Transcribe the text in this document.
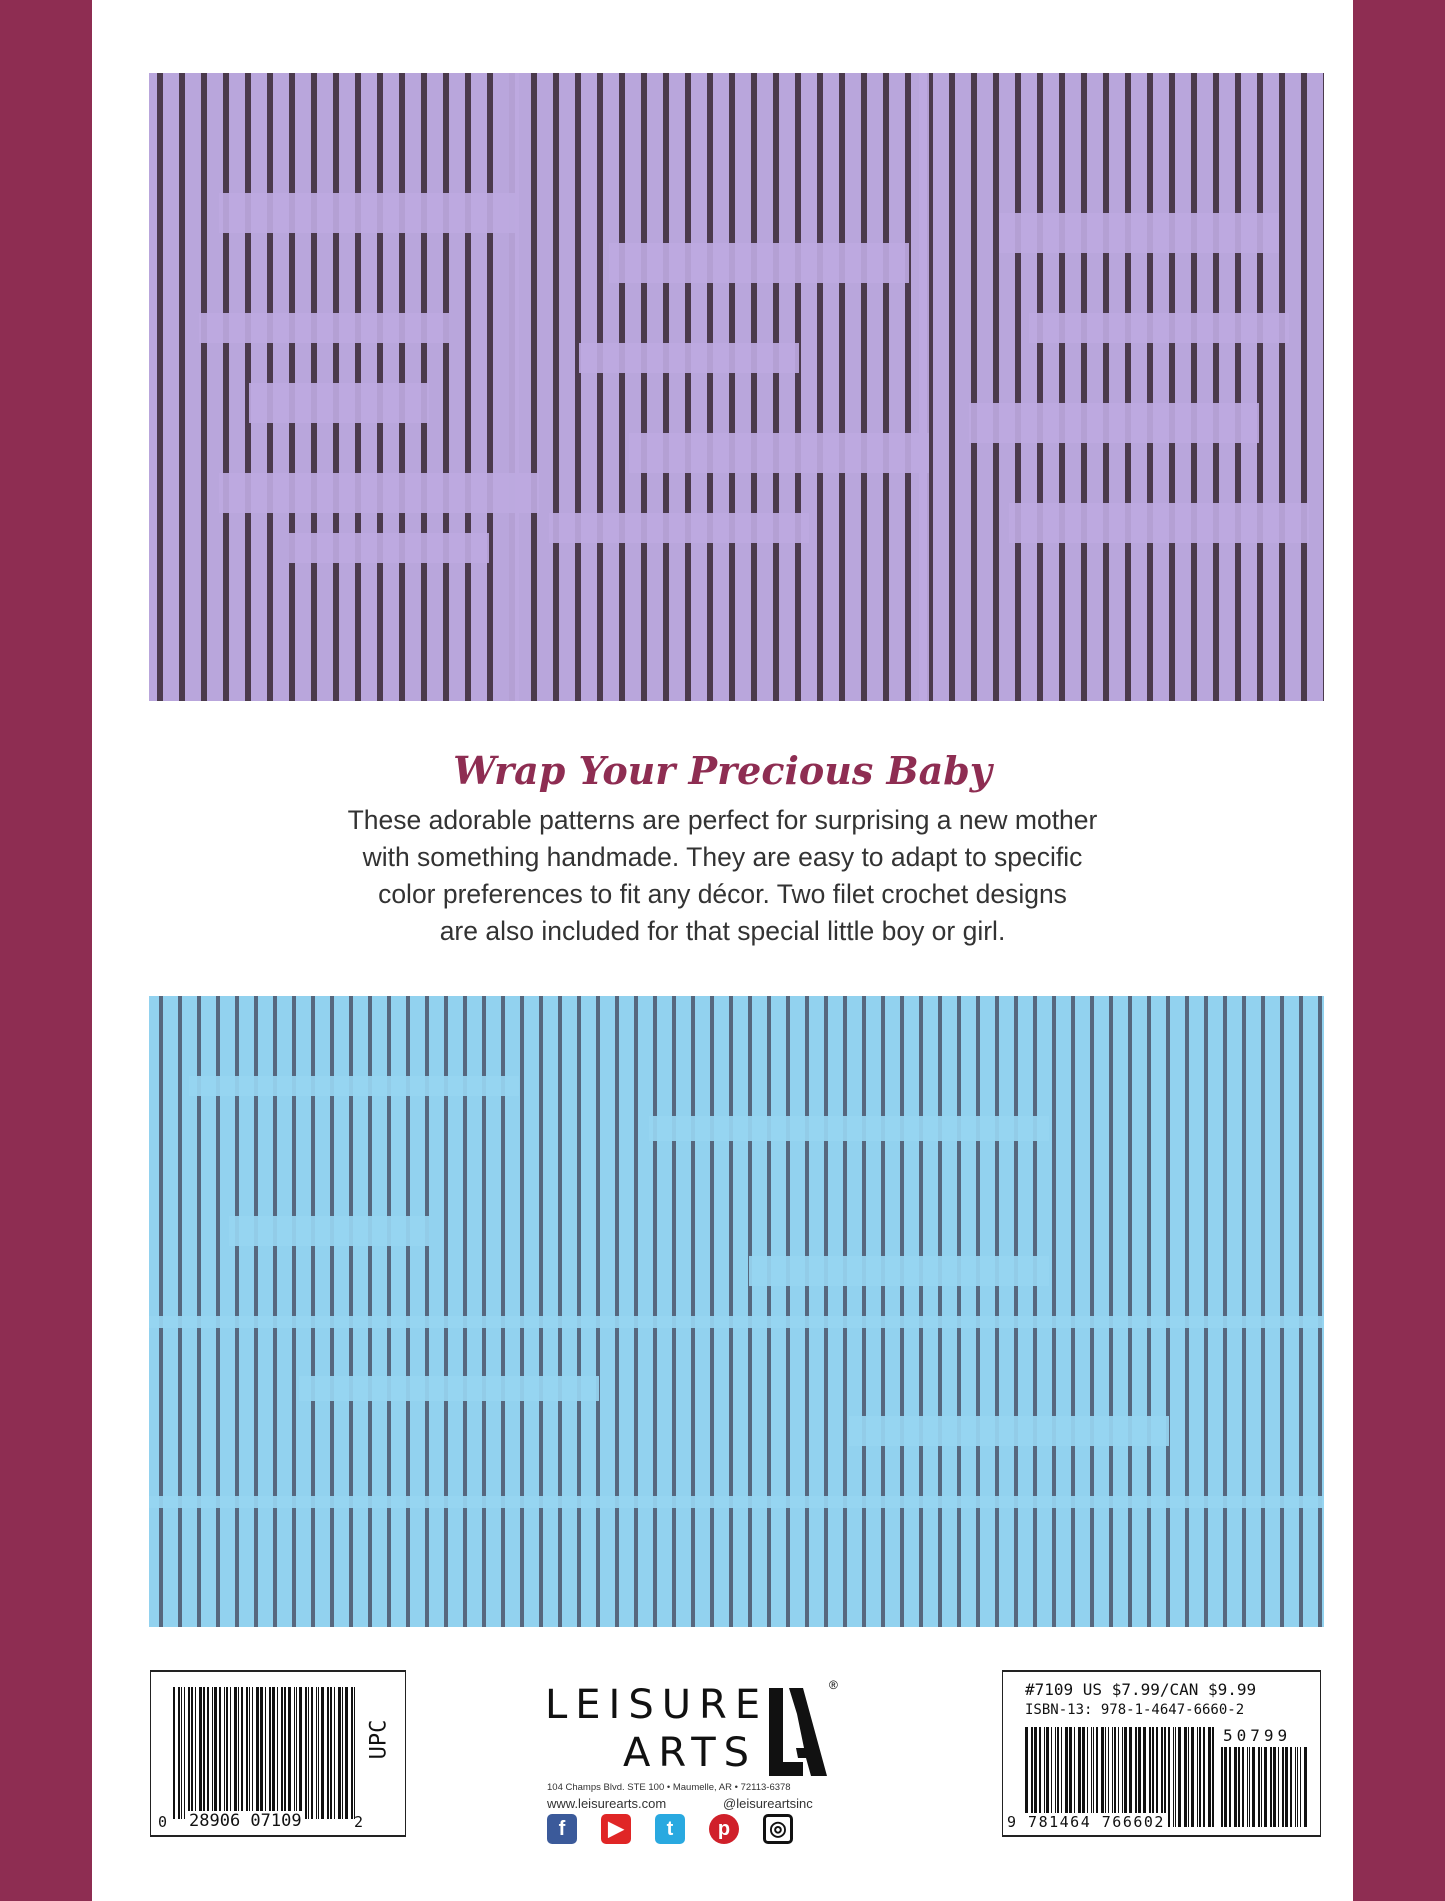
Wrap Your Precious Baby
These adorable patterns are perfect for surprising a new mother
with something handmade. They are easy to adapt to specific
color preferences to fit any décor. Two filet crochet designs
are also included for that special little boy or girl.
UPC
0 28906 07109	2
LEISURE
ARTS
®
104 Champs Blvd. STE 100 • Maumelle, AR • 72113-6378
www.leisurearts.com	@leisureartsinc
f	▶	t	p	◎
#7109 US $7.99/CAN $9.99
ISBN-13: 978-1-4647-6660-2
50799
9 781464 766602
